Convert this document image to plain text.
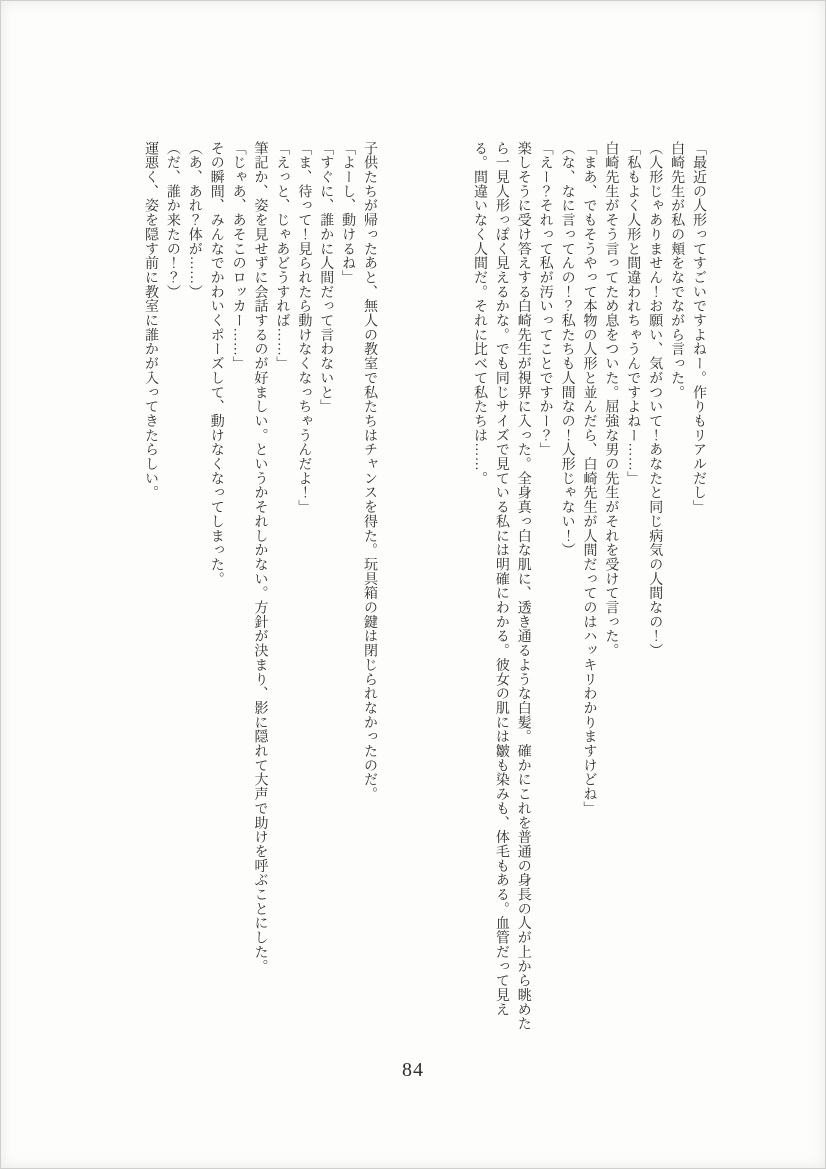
「最近の人形ってすごいですよねー。作りもリアルだし」

白崎先生が私の頬をなでながら言った。

（人形じゃありません！お願い、気がついて！あなたと同じ病気の人間なの！）

「私もよく人形と間違われちゃうんですよねー……」

白崎先生がそう言ってため息をついた。屈強な男の先生がそれを受けて言った。

「まあ、でもそうやって本物の人形と並んだら、白崎先生が人間だってのはハッキリわかりますけどね」

（な、なに言ってんの！？私たちも人間なの！人形じゃない！）

「えー？それって私が汚いってことですかー？」

楽しそうに受け答えする白崎先生が視界に入った。全身真っ白な肌に、透き通るような白髪。確かにこれを普通の身長の人が上から眺めたら一見人形っぽく見えるかな。でも同じサイズで見ている私には明確にわかる。彼女の肌には皺も染みも、体毛もある。血管だって見える。間違いなく人間だ。それに比べて私たちは……。

子供たちが帰ったあと、無人の教室で私たちはチャンスを得た。玩具箱の鍵は閉じられなかったのだ。

「よーし、動けるね」

「すぐに、誰かに人間だって言わないと」

「ま、待って！見られたら動けなくなっちゃうんだよ！」

「えっと、じゃあどうすれば……」

筆記か、姿を見せずに会話するのが好ましい。というかそれしかない。方針が決まり、影に隠れて大声で助けを呼ぶことにした。

「じゃあ、あそこのロッカー……」

その瞬間、みんなでかわいくポーズして、動けなくなってしまった。

（あ、あれ？体が……）

（だ、誰か来たの！？）

運悪く、姿を隠す前に教室に誰かが入ってきたらしい。

84
